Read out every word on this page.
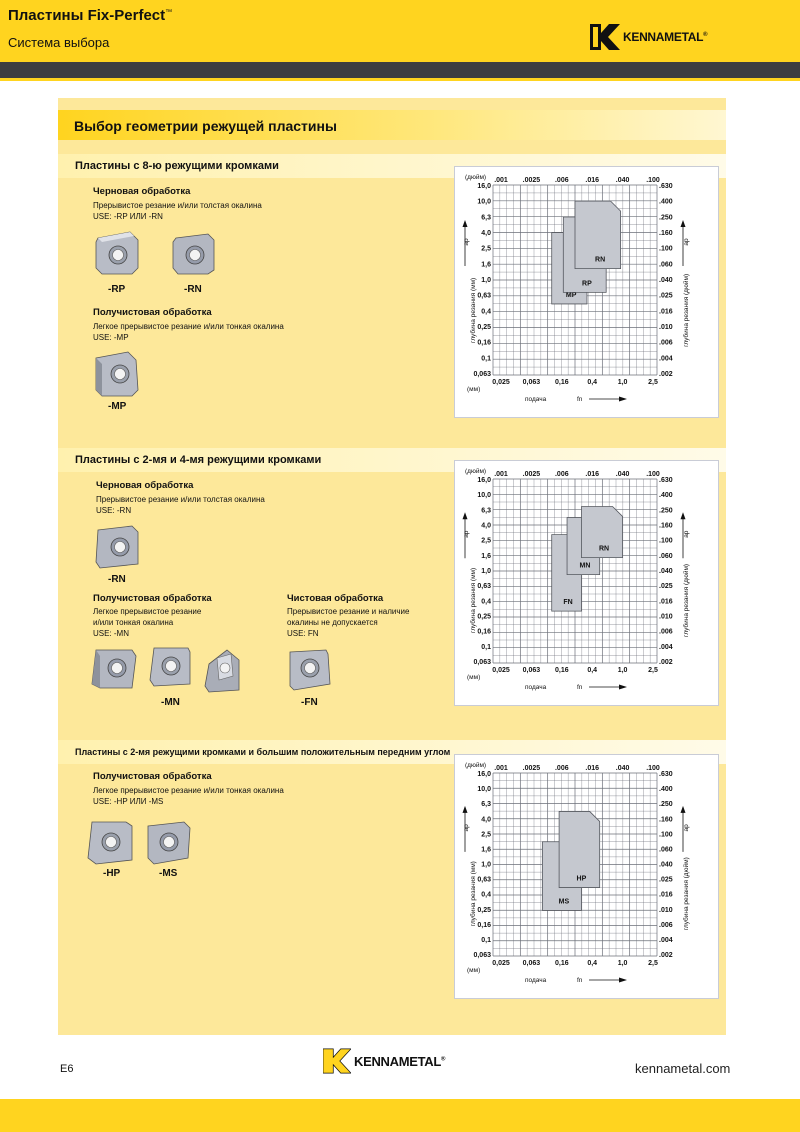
Пластины Fix-Perfect™
Система выбора	KENNAMETAL®
Выбор геометрии режущей пластины
Пластины с 8-ю режущими кромками
Черновая обработка
Прерывистое резание и/или толстая окалина
USE: -RP ИЛИ -RN
-RP	-RN
Получистовая обработка
Легкое прерывистое резание и/или тонкая окалина
USE: -MP
-MP
.001 .0025 .006 .016 .040 .100
0,025 0,063 0,16	0,4	1,0	2,5
16,0
10,0
6,3
4,0
2,5
1,6
1,0
0,63
0,4
0,25
0,16
0,1
0,063
.630
.400
.250
.160
.100
.060
.040
.025
.016
.010
.006
.004
.002
(дюйм)
(мм)
глубина резания (мм)	глубина резания (дюйм)
ap	ap
подача	fn
MP
RP
RN
Пластины с 2-мя и 4-мя режущими кромками
Черновая обработка
Прерывистое резание и/или толстая окалина
USE: -RN
-RN
Получистовая обработка
Легкое прерывистое резание
и/или тонкая окалина
USE: -MN
Чистовая обработка
Прерывистое резание и наличие
окалины не допускается
USE: FN
-MN	-FN
.001 .0025 .006 .016 .040 .100
0,025 0,063 0,16	0,4	1,0	2,5
16,0
10,0
6,3
4,0
2,5
1,6
1,0
0,63
0,4
0,25
0,16
0,1
0,063
.630
.400
.250
.160
.100
.060
.040
.025
.016
.010
.006
.004
.002
(дюйм)
(мм)
глубина резания (мм)	глубина резания (дюйм)
ap	ap
подача	fn
FN
MN
RN
Пластины с 2-мя режущими кромками и большим положительным передним углом
Получистовая обработка
Легкое прерывистое резание и/или тонкая окалина
USE: -HP ИЛИ -MS
-HP	-MS
.001 .0025 .006 .016 .040 .100
0,025 0,063 0,16	0,4	1,0	2,5
16,0
10,0
6,3
4,0
2,5
1,6
1,0
0,63
0,4
0,25
0,16
0,1
0,063
.630
.400
.250
.160
.100
.060
.040
.025
.016
.010
.006
.004
.002
(дюйм)
(мм)
глубина резания (мм)	глубина резания (дюйм)
ap	ap
подача	fn
MS
HP
E6
KENNAMETAL®
kennametal.com
